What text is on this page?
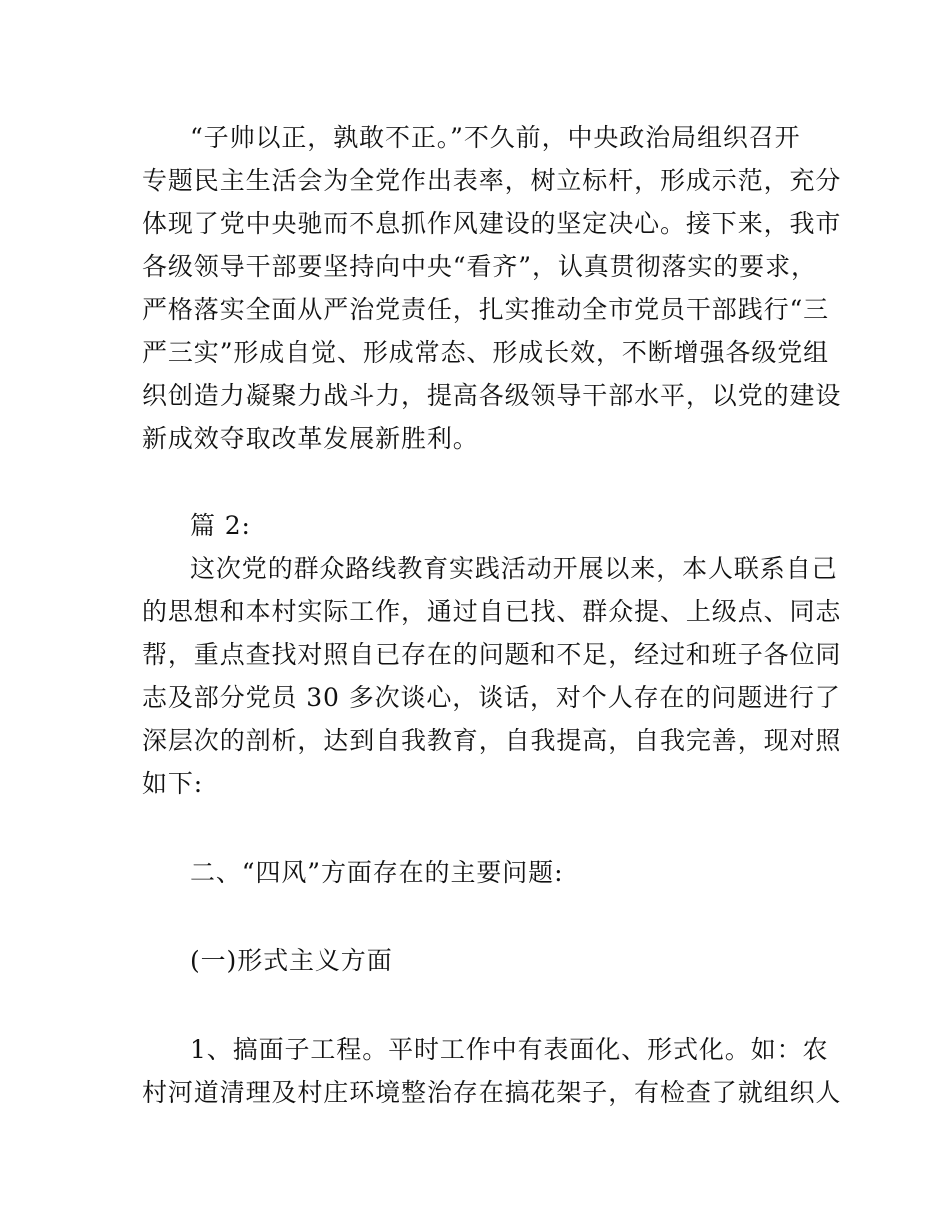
“子帅以正，孰敢不正。”不久前，中央政治局组织召开
专题民主生活会为全党作出表率，树立标杆，形成示范，充分
体现了党中央驰而不息抓作风建设的坚定决心。接下来，我市
各级领导干部要坚持向中央“看齐”，认真贯彻落实的要求，
严格落实全面从严治党责任，扎实推动全市党员干部践行“三
严三实”形成自觉、形成常态、形成长效，不断增强各级党组
织创造力凝聚力战斗力，提高各级领导干部水平，以党的建设
新成效夺取改革发展新胜利。
篇 2:
这次党的群众路线教育实践活动开展以来，本人联系自己
的思想和本村实际工作，通过自已找、群众提、上级点、同志
帮，重点查找对照自已存在的问题和不足，经过和班子各位同
志及部分党员 30 多次谈心，谈话，对个人存在的问题进行了
深层次的剖析，达到自我教育，自我提高，自我完善，现对照
如下:
二、“四风”方面存在的主要问题:
(一)形式主义方面
1、搞面子工程。平时工作中有表面化、形式化。如：农
村河道清理及村庄环境整治存在搞花架子，有检查了就组织人
